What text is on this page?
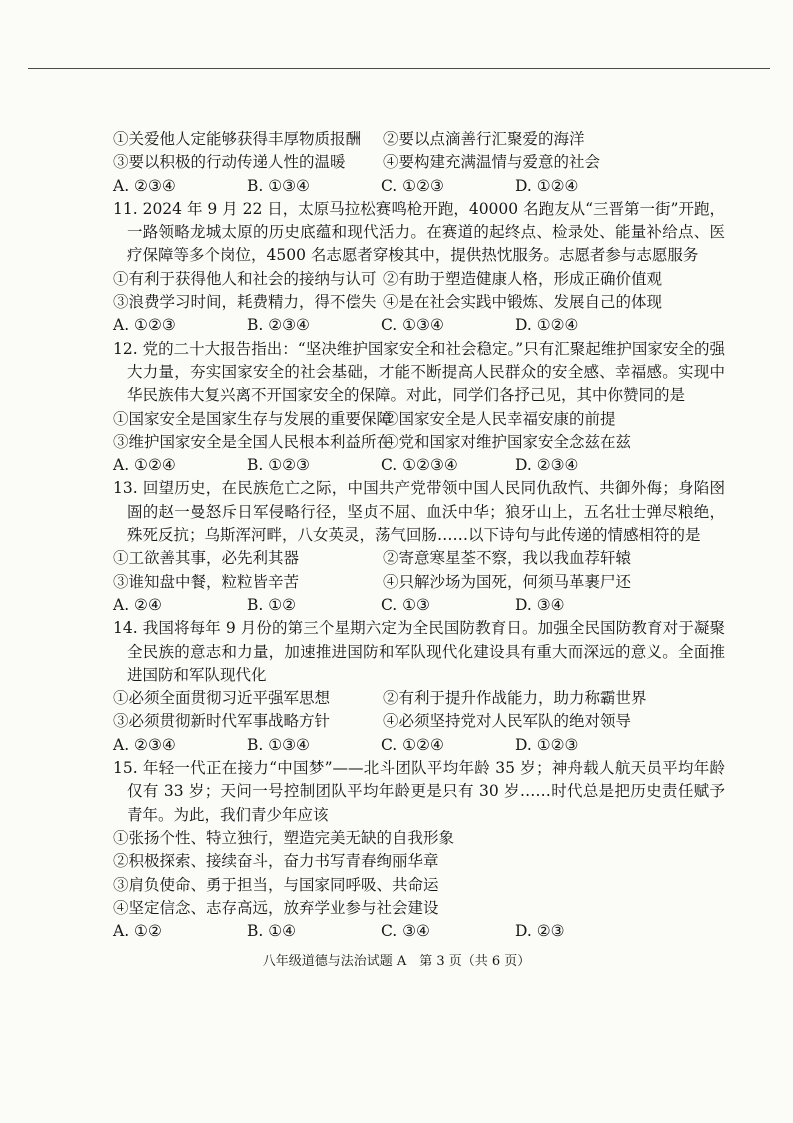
①关爱他人定能够获得丰厚物质报酬	②要以点滴善行汇聚爱的海洋
③要以积极的行动传递人性的温暖	④要构建充满温情与爱意的社会
A. ②③④	B. ①③④	C. ①②③	D. ①②④
11. 2024 年 9 月 22 日，太原马拉松赛鸣枪开跑，40000 名跑友从“三晋第一街”开跑，一路领略龙城太原的历史底蕴和现代活力。在赛道的起终点、检录处、能量补给点、医疗保障等多个岗位，4500 名志愿者穿梭其中，提供热忱服务。志愿者参与志愿服务
①有利于获得他人和社会的接纳与认可 ②有助于塑造健康人格，形成正确价值观
③浪费学习时间，耗费精力，得不偿失 ④是在社会实践中锻炼、发展自己的体现
A. ①②③	B. ②③④	C. ①③④	D. ①②④
12. 党的二十大报告指出：“坚决维护国家安全和社会稳定。”只有汇聚起维护国家安全的强大力量，夯实国家安全的社会基础，才能不断提高人民群众的安全感、幸福感。实现中华民族伟大复兴离不开国家安全的保障。对此，同学们各抒己见，其中你赞同的是
①国家安全是国家生存与发展的重要保障
②国家安全是人民幸福安康的前提
③维护国家安全是全国人民根本利益所在
④党和国家对维护国家安全念兹在兹
A. ①②④	B. ①②③	C. ①②③④	D. ②③④
13. 回望历史，在民族危亡之际，中国共产党带领中国人民同仇敌忾、共御外侮；身陷囹圄的赵一曼怒斥日军侵略行径，坚贞不屈、血沃中华；狼牙山上，五名壮士弹尽粮绝，殊死反抗；乌斯浑河畔，八女英灵，荡气回肠……以下诗句与此传递的情感相符的是
①工欲善其事，必先利其器	②寄意寒星荃不察，我以我血荐轩辕
③谁知盘中餐，粒粒皆辛苦	④只解沙场为国死，何须马革裹尸还
A. ②④	B. ①②	C. ①③	D. ③④
14. 我国将每年 9 月份的第三个星期六定为全民国防教育日。加强全民国防教育对于凝聚全民族的意志和力量，加速推进国防和军队现代化建设具有重大而深远的意义。全面推进国防和军队现代化
①必须全面贯彻习近平强军思想	②有利于提升作战能力，助力称霸世界
③必须贯彻新时代军事战略方针	④必须坚持党对人民军队的绝对领导
A. ②③④	B. ①③④	C. ①②④	D. ①②③
15. 年轻一代正在接力“中国梦”——北斗团队平均年龄 35 岁；神舟载人航天员平均年龄仅有 33 岁；天问一号控制团队平均年龄更是只有 30 岁……时代总是把历史责任赋予青年。为此，我们青少年应该
①张扬个性、特立独行，塑造完美无缺的自我形象
②积极探索、接续奋斗，奋力书写青春绚丽华章
③肩负使命、勇于担当，与国家同呼吸、共命运
④坚定信念、志存高远，放弃学业参与社会建设
A. ①②	B. ①④	C. ③④	D. ②③
八年级道德与法治试题 A　第 3 页（共 6 页）
